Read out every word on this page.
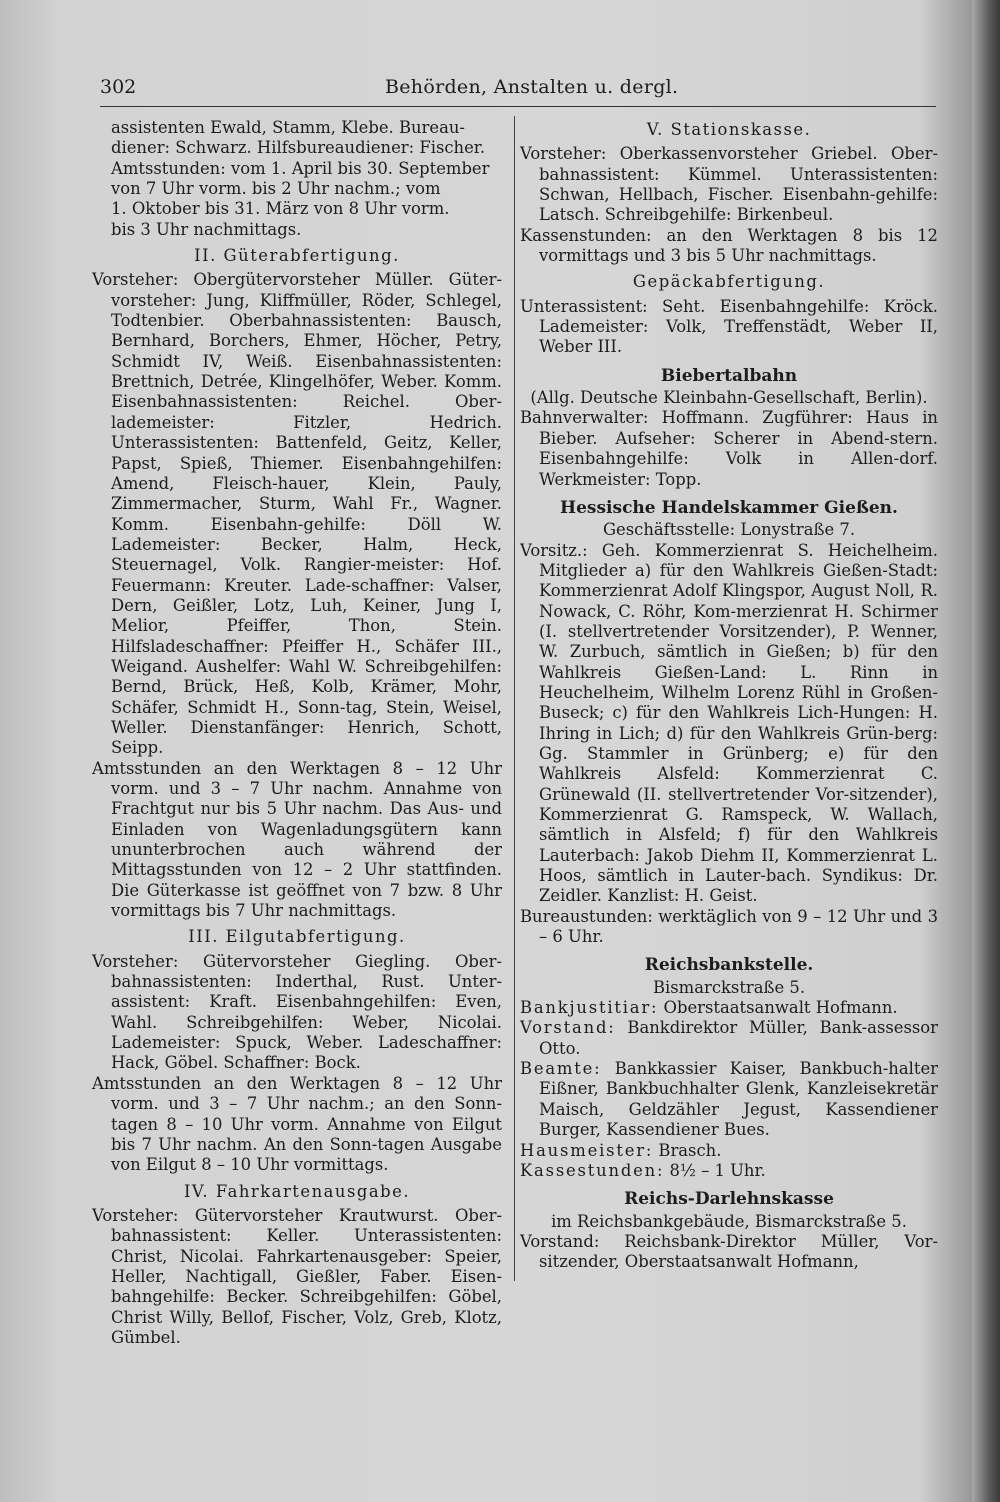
302	Behörden, Anstalten u. dergl.

assistenten Ewald, Stamm, Klebe. Bureau-

diener: Schwarz. Hilfsbureaudiener: Fischer.

Amtsstunden: vom 1. April bis 30. September

von 7 Uhr vorm. bis 2 Uhr nachm.; vom

1. Oktober bis 31. März von 8 Uhr vorm.

bis 3 Uhr nachmittags.

II. Güterabfertigung.

Vorsteher: Obergütervorsteher Müller. Güter-vorsteher: Jung, Kliffmüller, Röder, Schlegel, Todtenbier. Oberbahnassistenten: Bausch, Bernhard, Borchers, Ehmer, Höcher, Petry, Schmidt IV, Weiß. Eisenbahnassistenten: Brettnich, Detrée, Klingelhöfer, Weber. Komm. Eisenbahnassistenten: Reichel. Ober-lademeister: Fitzler, Hedrich. Unterassistenten: Battenfeld, Geitz, Keller, Papst, Spieß, Thiemer. Eisenbahngehilfen: Amend, Fleisch-hauer, Klein, Pauly, Zimmermacher, Sturm, Wahl Fr., Wagner. Komm. Eisenbahn-gehilfe: Döll W. Lademeister: Becker, Halm, Heck, Steuernagel, Volk. Rangier-meister: Hof. Feuermann: Kreuter. Lade-schaffner: Valser, Dern, Geißler, Lotz, Luh, Keiner, Jung I, Melior, Pfeiffer, Thon, Stein. Hilfsladeschaffner: Pfeiffer H., Schäfer III., Weigand. Aushelfer: Wahl W. Schreibgehilfen: Bernd, Brück, Heß, Kolb, Krämer, Mohr, Schäfer, Schmidt H., Sonn-tag, Stein, Weisel, Weller. Dienstanfänger: Henrich, Schott, Seipp.

Amtsstunden an den Werktagen 8 – 12 Uhr vorm. und 3 – 7 Uhr nachm. Annahme von Frachtgut nur bis 5 Uhr nachm. Das Aus- und Einladen von Wagenladungsgütern kann ununterbrochen auch während der Mittagsstunden von 12 – 2 Uhr stattfinden. Die Güterkasse ist geöffnet von 7 bzw. 8 Uhr vormittags bis 7 Uhr nachmittags.

III. Eilgutabfertigung.

Vorsteher: Gütervorsteher Giegling. Ober-bahnassistenten: Inderthal, Rust. Unter-assistent: Kraft. Eisenbahngehilfen: Even, Wahl. Schreibgehilfen: Weber, Nicolai. Lademeister: Spuck, Weber. Ladeschaffner: Hack, Göbel. Schaffner: Bock.

Amtsstunden an den Werktagen 8 – 12 Uhr vorm. und 3 – 7 Uhr nachm.; an den Sonn-tagen 8 – 10 Uhr vorm. Annahme von Eilgut bis 7 Uhr nachm. An den Sonn-tagen Ausgabe von Eilgut 8 – 10 Uhr vormittags.

IV. Fahrkartenausgabe.

Vorsteher: Gütervorsteher Krautwurst. Ober-bahnassistent: Keller. Unterassistenten: Christ, Nicolai. Fahrkartenausgeber: Speier, Heller, Nachtigall, Gießler, Faber. Eisen-bahngehilfe: Becker. Schreibgehilfen: Göbel, Christ Willy, Bellof, Fischer, Volz, Greb, Klotz, Gümbel.

V. Stationskasse.

Vorsteher: Oberkassenvorsteher Griebel. Ober-bahnassistent: Kümmel. Unterassistenten: Schwan, Hellbach, Fischer. Eisenbahn-gehilfe: Latsch. Schreibgehilfe: Birkenbeul.

Kassenstunden: an den Werktagen 8 bis 12 vormittags und 3 bis 5 Uhr nachmittags.

Gepäckabfertigung.

Unterassistent: Seht. Eisenbahngehilfe: Kröck. Lademeister: Volk, Treffenstädt, Weber II, Weber III.

Biebertalbahn

(Allg. Deutsche Kleinbahn-Gesellschaft, Berlin).

Bahnverwalter: Hoffmann. Zugführer: Haus in Bieber. Aufseher: Scherer in Abend-stern. Eisenbahngehilfe: Volk in Allen-dorf. Werkmeister: Topp.

Hessische Handelskammer Gießen.

Geschäftsstelle: Lonystraße 7.

Vorsitz.: Geh. Kommerzienrat S. Heichelheim. Mitglieder a) für den Wahlkreis Gießen-Stadt: Kommerzienrat Adolf Klingspor, August Noll, R. Nowack, C. Röhr, Kom-merzienrat H. Schirmer (I. stellvertretender Vorsitzender), P. Wenner, W. Zurbuch, sämtlich in Gießen; b) für den Wahlkreis Gießen-Land: L. Rinn in Heuchelheim, Wilhelm Lorenz Rühl in Großen-Buseck; c) für den Wahlkreis Lich-Hungen: H. Ihring in Lich; d) für den Wahlkreis Grün-berg: Gg. Stammler in Grünberg; e) für den Wahlkreis Alsfeld: Kommerzienrat C. Grünewald (II. stellvertretender Vor-sitzender), Kommerzienrat G. Ramspeck, W. Wallach, sämtlich in Alsfeld; f) für den Wahlkreis Lauterbach: Jakob Diehm II, Kommerzienrat L. Hoos, sämtlich in Lauter-bach. Syndikus: Dr. Zeidler. Kanzlist: H. Geist.

Bureaustunden: werktäglich von 9 – 12 Uhr und 3 – 6 Uhr.

Reichsbankstelle.

Bismarckstraße 5.

Bankjustitiar: Oberstaatsanwalt Hofmann.

Vorstand: Bankdirektor Müller, Bank-assessor Otto.

Beamte: Bankkassier Kaiser, Bankbuch-halter Eißner, Bankbuchhalter Glenk, Kanzleisekretär Maisch, Geldzähler Jegust, Kassendiener Burger, Kassendiener Bues.

Hausmeister: Brasch.

Kassestunden: 8½ – 1 Uhr.

Reichs-Darlehnskasse

im Reichsbankgebäude, Bismarckstraße 5.

Vorstand: Reichsbank-Direktor Müller, Vor-sitzender, Oberstaatsanwalt Hofmann,
